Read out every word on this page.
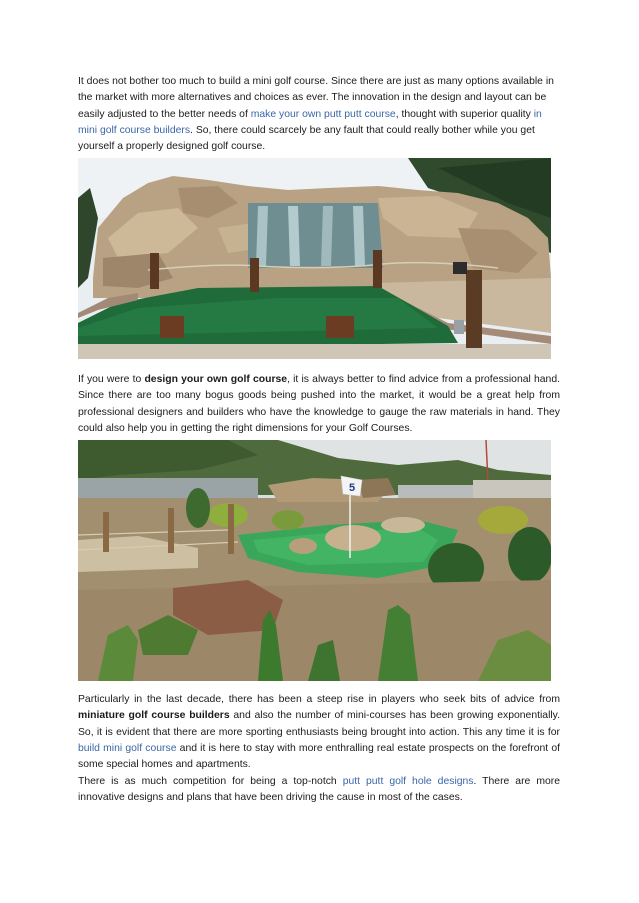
It does not bother too much to build a mini golf course. Since there are just as many options available in the market with more alternatives and choices as ever. The innovation in the design and layout can be easily adjusted to the better needs of make your own putt putt course, thought with superior quality in mini golf course builders. So, there could scarcely be any fault that could really bother while you get yourself a properly designed golf course.

If you were to design your own golf course, it is always better to find advice from a professional hand. Since there are too many bogus goods being pushed into the market, it would be a great help from professional designers and builders who have the knowledge to gauge the raw materials in hand. They could also help you in getting the right dimensions for your Golf Courses.

5

Particularly in the last decade, there has been a steep rise in players who seek bits of advice from miniature golf course builders and also the number of mini-courses has been growing exponentially. So, it is evident that there are more sporting enthusiasts being brought into action. This any time it is for build mini golf course and it is here to stay with more enthralling real estate prospects on the forefront of some special homes and apartments.

There is as much competition for being a top-notch putt putt golf hole designs. There are more innovative designs and plans that have been driving the cause in most of the cases.
